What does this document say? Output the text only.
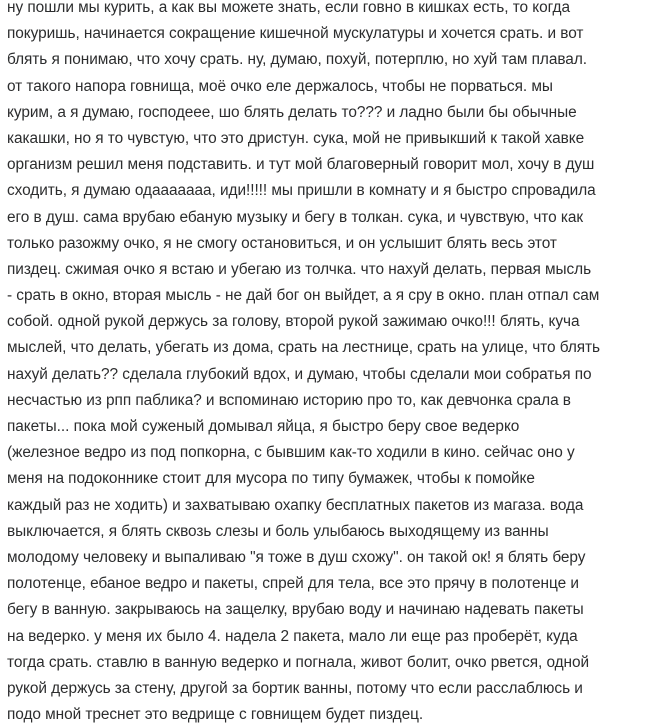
ну пошли мы курить, а как вы можете знать, если говно в кишках есть, то когда
покуришь, начинается сокращение кишечной мускулатуры и хочется срать. и вот
блять я понимаю, что хочу срать. ну, думаю, похуй, потерплю, но хуй там плавал.
от такого напора говнища, моё очко еле держалось, чтобы не порваться. мы
курим, а я думаю, господеее, шо блять делать то??? и ладно были бы обычные
какашки, но я то чувстую, что это дристун. сука, мой не привыкший к такой хавке
организм решил меня подставить. и тут мой благоверный говорит мол, хочу в душ
сходить, я думаю одааааааа, иди!!!!! мы пришли в комнату и я быстро спровадила
его в душ. сама врубаю ебаную музыку и бегу в толкан. сука, и чувствую, что как
только разожму очко, я не смогу остановиться, и он услышит блять весь этот
пиздец. сжимая очко я встаю и убегаю из толчка. что нахуй делать, первая мысль
- срать в окно, вторая мысль - не дай бог он выйдет, а я сру в окно. план отпал сам
собой. одной рукой держусь за голову, второй рукой зажимаю очко!!! блять, куча
мыслей, что делать, убегать из дома, срать на лестнице, срать на улице, что блять
нахуй делать?? сделала глубокий вдох, и думаю, чтобы сделали мои собратья по
несчастью из рпп паблика? и вспоминаю историю про то, как девчонка срала в
пакеты... пока мой суженый домывал яйца, я быстро беру свое ведерко
(железное ведро из под попкорна, с бывшим как-то ходили в кино. сейчас оно у
меня на подоконнике стоит для мусора по типу бумажек, чтобы к помойке
каждый раз не ходить) и захватываю охапку бесплатных пакетов из магаза. вода
выключается, я блять сквозь слезы и боль улыбаюсь выходящему из ванны
молодому человеку и выпаливаю "я тоже в душ схожу". он такой ок! я блять беру
полотенце, ебаное ведро и пакеты, спрей для тела, все это прячу в полотенце и
бегу в ванную. закрываюсь на защелку, врубаю воду и начинаю надевать пакеты
на ведерко. у меня их было 4. надела 2 пакета, мало ли еще раз проберёт, куда
тогда срать. ставлю в ванную ведерко и погнала, живот болит, очко рвется, одной
рукой держусь за стену, другой за бортик ванны, потому что если расслаблюсь и
подо мной треснет это ведрище с говнищем будет пиздец.
